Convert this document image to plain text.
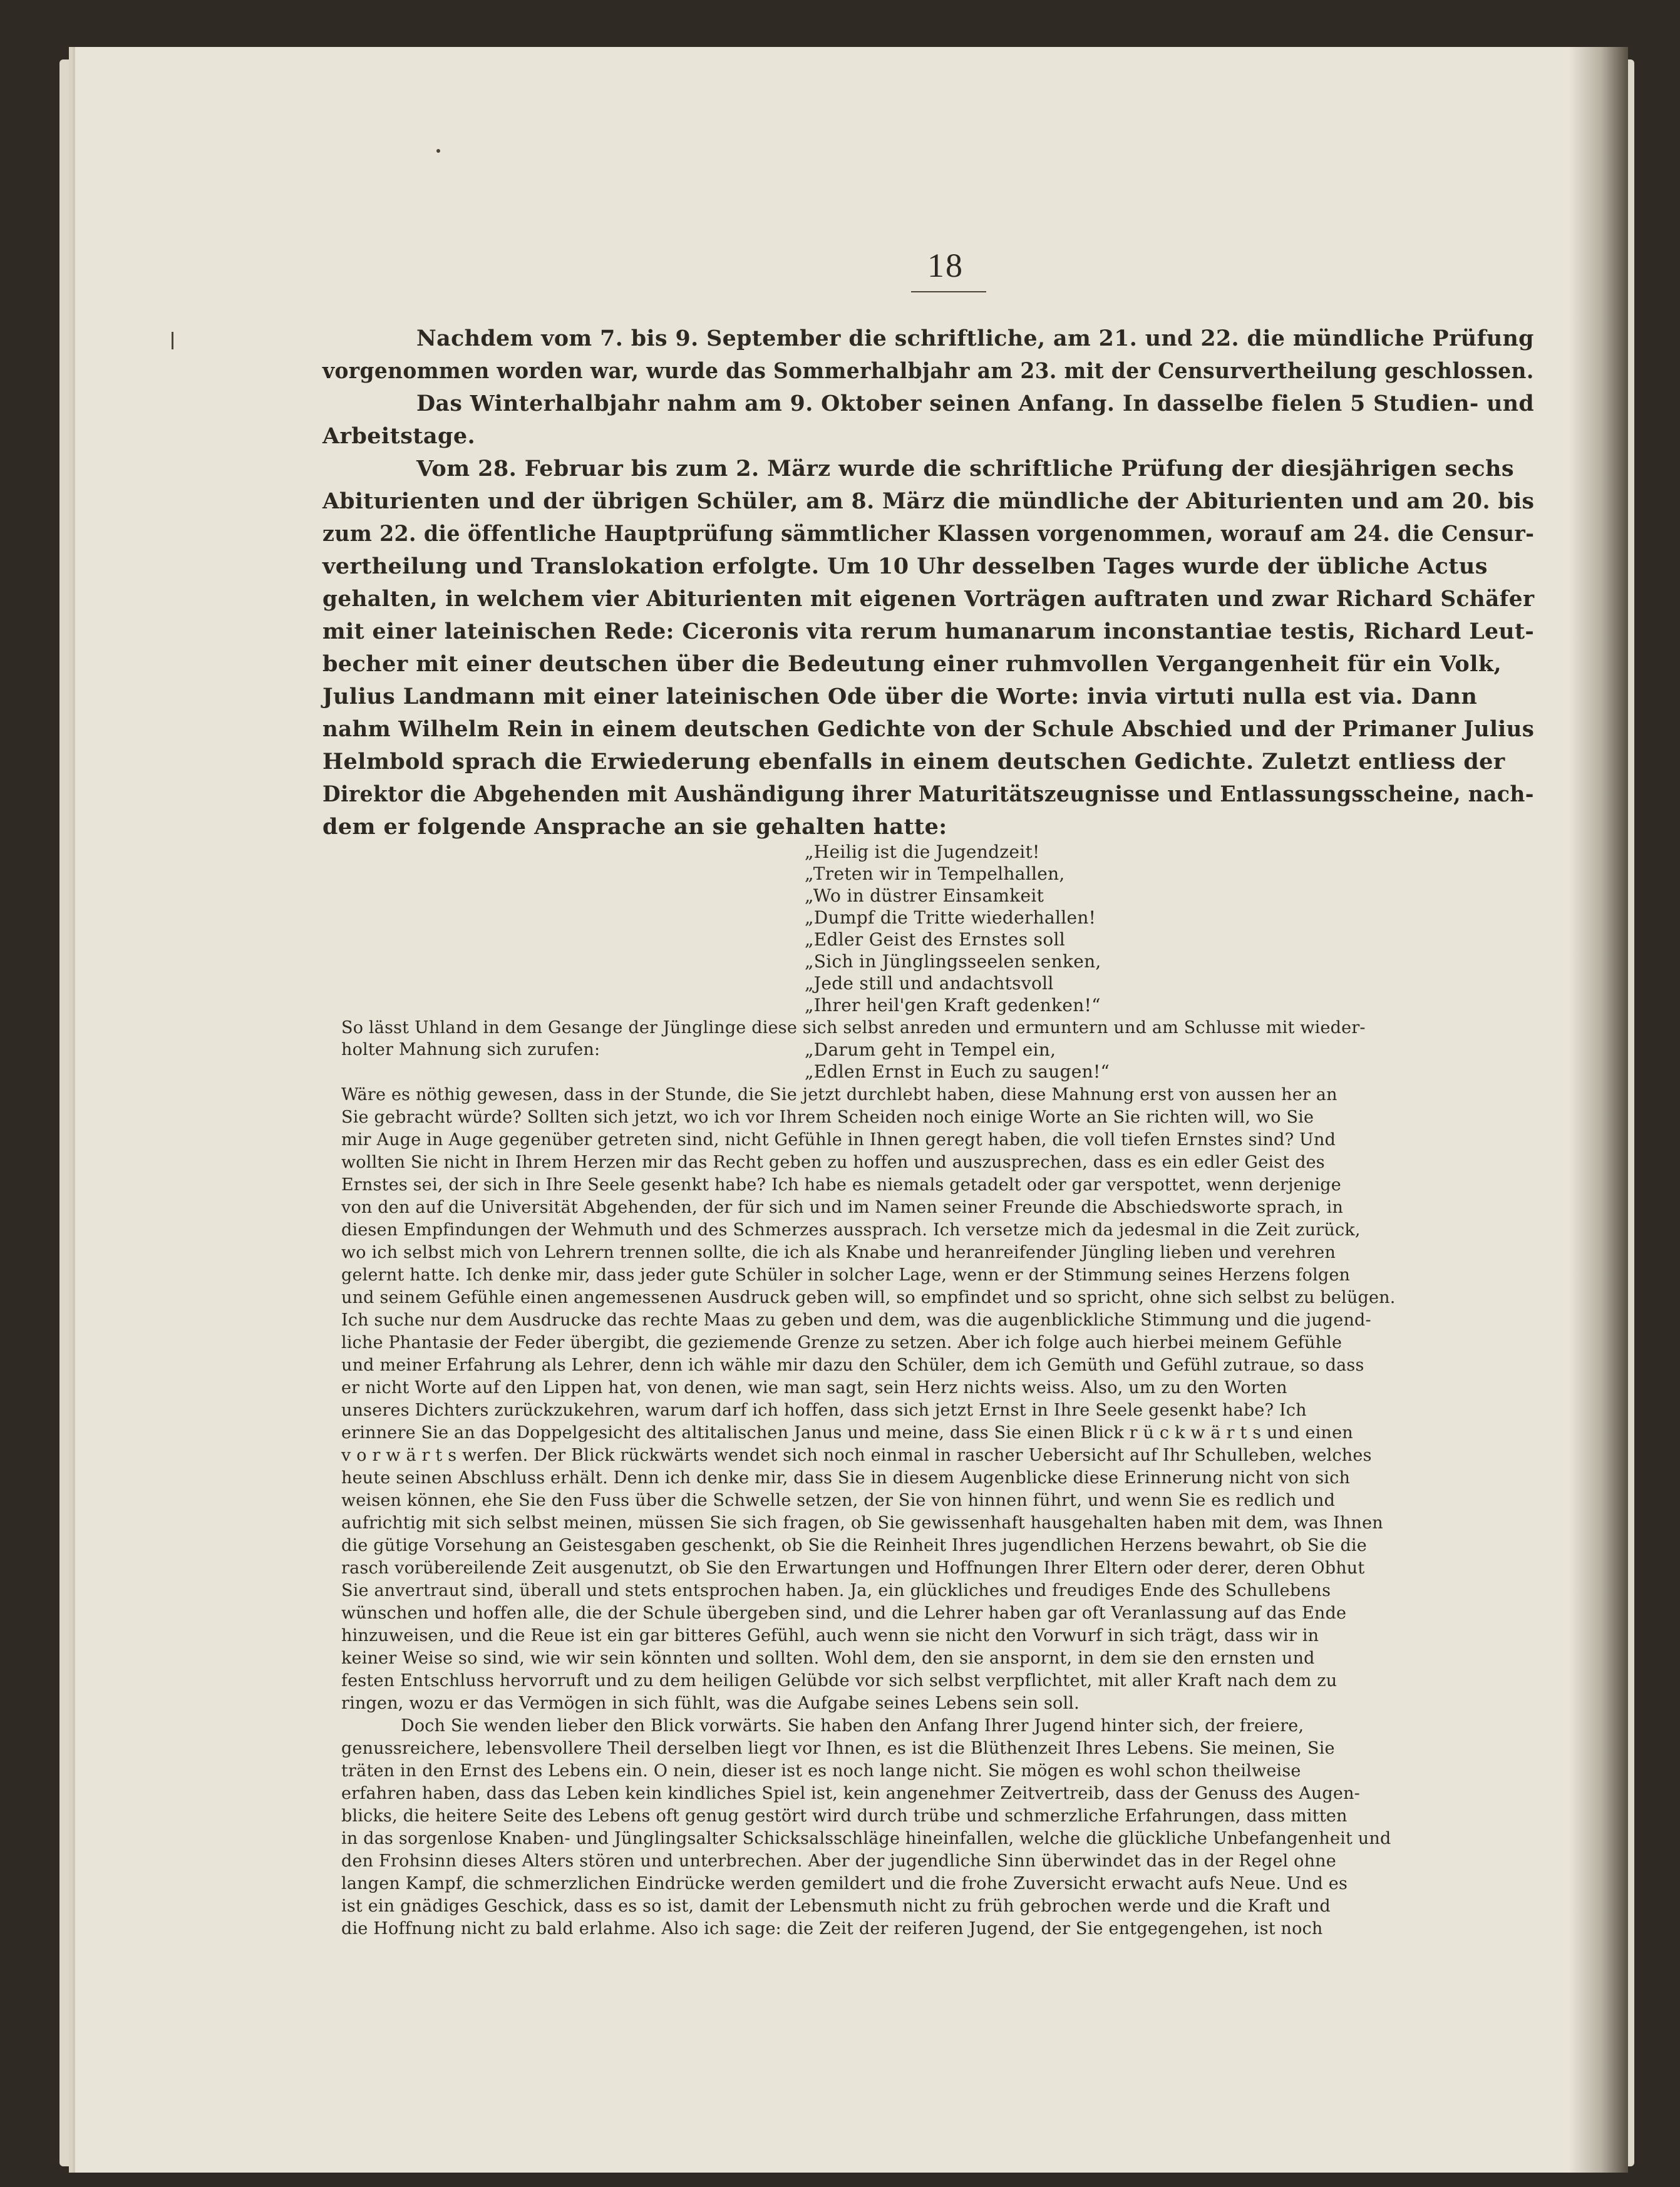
18
Nachdem vom 7. bis 9. September die schriftliche, am 21. und 22. die mündliche Prüfung
vorgenommen worden war, wurde das Sommerhalbjahr am 23. mit der Censurvertheilung geschlossen.
Das Winterhalbjahr nahm am 9. Oktober seinen Anfang. In dasselbe fielen 5 Studien- und
Arbeitstage.
Vom 28. Februar bis zum 2. März wurde die schriftliche Prüfung der diesjährigen sechs
Abiturienten und der übrigen Schüler, am 8. März die mündliche der Abiturienten und am 20. bis
zum 22. die öffentliche Hauptprüfung sämmtlicher Klassen vorgenommen, worauf am 24. die Censur-
vertheilung und Translokation erfolgte. Um 10 Uhr desselben Tages wurde der übliche Actus
gehalten, in welchem vier Abiturienten mit eigenen Vorträgen auftraten und zwar Richard Schäfer
mit einer lateinischen Rede: Ciceronis vita rerum humanarum inconstantiae testis, Richard Leut-
becher mit einer deutschen über die Bedeutung einer ruhmvollen Vergangenheit für ein Volk,
Julius Landmann mit einer lateinischen Ode über die Worte: invia virtuti nulla est via. Dann
nahm Wilhelm Rein in einem deutschen Gedichte von der Schule Abschied und der Primaner Julius
Helmbold sprach die Erwiederung ebenfalls in einem deutschen Gedichte. Zuletzt entliess der
Direktor die Abgehenden mit Aushändigung ihrer Maturitätszeugnisse und Entlassungsscheine, nach-
dem er folgende Ansprache an sie gehalten hatte:
„Heilig ist die Jugendzeit!
„Treten wir in Tempelhallen,
„Wo in düstrer Einsamkeit
„Dumpf die Tritte wiederhallen!
„Edler Geist des Ernstes soll
„Sich in Jünglingsseelen senken,
„Jede still und andachtsvoll
„Ihrer heil'gen Kraft gedenken!“
So lässt Uhland in dem Gesange der Jünglinge diese sich selbst anreden und ermuntern und am Schlusse mit wieder-
holter Mahnung sich zurufen:	„Darum geht in Tempel ein,
„Edlen Ernst in Euch zu saugen!“
Wäre es nöthig gewesen, dass in der Stunde, die Sie jetzt durchlebt haben, diese Mahnung erst von aussen her an
Sie gebracht würde? Sollten sich jetzt, wo ich vor Ihrem Scheiden noch einige Worte an Sie richten will, wo Sie
mir Auge in Auge gegenüber getreten sind, nicht Gefühle in Ihnen geregt haben, die voll tiefen Ernstes sind? Und
wollten Sie nicht in Ihrem Herzen mir das Recht geben zu hoffen und auszusprechen, dass es ein edler Geist des
Ernstes sei, der sich in Ihre Seele gesenkt habe? Ich habe es niemals getadelt oder gar verspottet, wenn derjenige
von den auf die Universität Abgehenden, der für sich und im Namen seiner Freunde die Abschiedsworte sprach, in
diesen Empfindungen der Wehmuth und des Schmerzes aussprach. Ich versetze mich da jedesmal in die Zeit zurück,
wo ich selbst mich von Lehrern trennen sollte, die ich als Knabe und heranreifender Jüngling lieben und verehren
gelernt hatte. Ich denke mir, dass jeder gute Schüler in solcher Lage, wenn er der Stimmung seines Herzens folgen
und seinem Gefühle einen angemessenen Ausdruck geben will, so empfindet und so spricht, ohne sich selbst zu belügen.
Ich suche nur dem Ausdrucke das rechte Maas zu geben und dem, was die augenblickliche Stimmung und die jugend-
liche Phantasie der Feder übergibt, die geziemende Grenze zu setzen. Aber ich folge auch hierbei meinem Gefühle
und meiner Erfahrung als Lehrer, denn ich wähle mir dazu den Schüler, dem ich Gemüth und Gefühl zutraue, so dass
er nicht Worte auf den Lippen hat, von denen, wie man sagt, sein Herz nichts weiss. Also, um zu den Worten
unseres Dichters zurückzukehren, warum darf ich hoffen, dass sich jetzt Ernst in Ihre Seele gesenkt habe? Ich
erinnere Sie an das Doppelgesicht des altitalischen Janus und meine, dass Sie einen Blick r ü c k w ä r t s und einen
v o r w ä r t s werfen. Der Blick rückwärts wendet sich noch einmal in rascher Uebersicht auf Ihr Schulleben, welches
heute seinen Abschluss erhält. Denn ich denke mir, dass Sie in diesem Augenblicke diese Erinnerung nicht von sich
weisen können, ehe Sie den Fuss über die Schwelle setzen, der Sie von hinnen führt, und wenn Sie es redlich und
aufrichtig mit sich selbst meinen, müssen Sie sich fragen, ob Sie gewissenhaft hausgehalten haben mit dem, was Ihnen
die gütige Vorsehung an Geistesgaben geschenkt, ob Sie die Reinheit Ihres jugendlichen Herzens bewahrt, ob Sie die
rasch vorübereilende Zeit ausgenutzt, ob Sie den Erwartungen und Hoffnungen Ihrer Eltern oder derer, deren Obhut
Sie anvertraut sind, überall und stets entsprochen haben. Ja, ein glückliches und freudiges Ende des Schullebens
wünschen und hoffen alle, die der Schule übergeben sind, und die Lehrer haben gar oft Veranlassung auf das Ende
hinzuweisen, und die Reue ist ein gar bitteres Gefühl, auch wenn sie nicht den Vorwurf in sich trägt, dass wir in
keiner Weise so sind, wie wir sein könnten und sollten. Wohl dem, den sie anspornt, in dem sie den ernsten und
festen Entschluss hervorruft und zu dem heiligen Gelübde vor sich selbst verpflichtet, mit aller Kraft nach dem zu
ringen, wozu er das Vermögen in sich fühlt, was die Aufgabe seines Lebens sein soll.
Doch Sie wenden lieber den Blick vorwärts. Sie haben den Anfang Ihrer Jugend hinter sich, der freiere,
genussreichere, lebensvollere Theil derselben liegt vor Ihnen, es ist die Blüthenzeit Ihres Lebens. Sie meinen, Sie
träten in den Ernst des Lebens ein. O nein, dieser ist es noch lange nicht. Sie mögen es wohl schon theilweise
erfahren haben, dass das Leben kein kindliches Spiel ist, kein angenehmer Zeitvertreib, dass der Genuss des Augen-
blicks, die heitere Seite des Lebens oft genug gestört wird durch trübe und schmerzliche Erfahrungen, dass mitten
in das sorgenlose Knaben- und Jünglingsalter Schicksalsschläge hineinfallen, welche die glückliche Unbefangenheit und
den Frohsinn dieses Alters stören und unterbrechen. Aber der jugendliche Sinn überwindet das in der Regel ohne
langen Kampf, die schmerzlichen Eindrücke werden gemildert und die frohe Zuversicht erwacht aufs Neue. Und es
ist ein gnädiges Geschick, dass es so ist, damit der Lebensmuth nicht zu früh gebrochen werde und die Kraft und
die Hoffnung nicht zu bald erlahme. Also ich sage: die Zeit der reiferen Jugend, der Sie entgegengehen, ist noch
